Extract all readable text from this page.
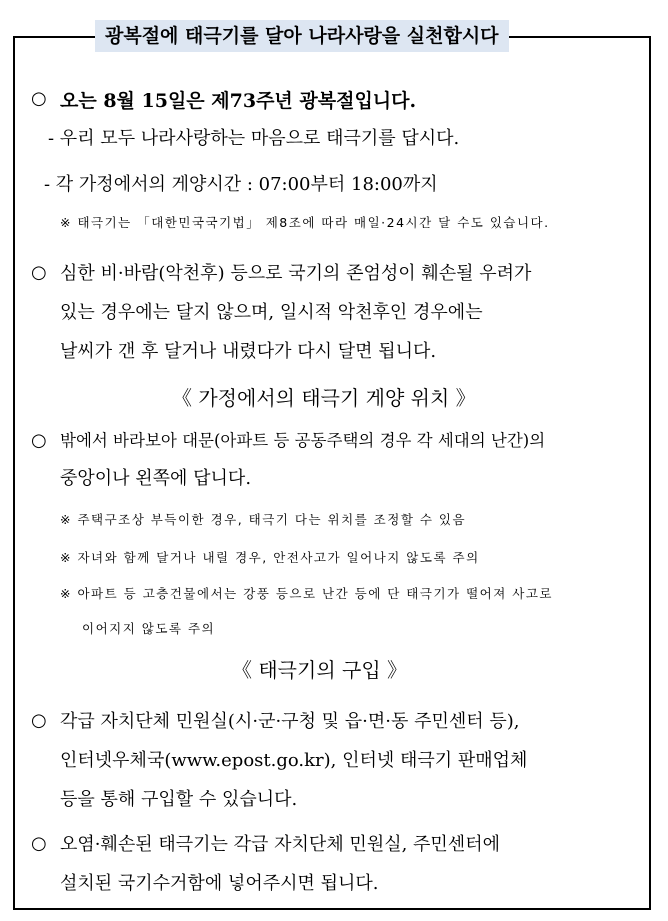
광복절에 태극기를 달아 나라사랑을 실천합시다
○ 오는 8월 15일은 제73주년 광복절입니다.
- 우리 모두 나라사랑하는 마음으로 태극기를 답시다.
- 각 가정에서의 게양시간 : 07:00부터 18:00까지
※ 태극기는 「대한민국국기법」 제8조에 따라 매일·24시간 달 수도 있습니다.
○ 심한 비·바람(악천후) 등으로 국기의 존엄성이 훼손될 우려가
있는 경우에는 달지 않으며, 일시적 악천후인 경우에는
날씨가 갠 후 달거나 내렸다가 다시 달면 됩니다.
《 가정에서의 태극기 게양 위치 》
○ 밖에서 바라보아 대문(아파트 등 공동주택의 경우 각 세대의 난간)의
중앙이나 왼쪽에 답니다.
※ 주택구조상 부득이한 경우, 태극기 다는 위치를 조정할 수 있음
※ 자녀와 함께 달거나 내릴 경우, 안전사고가 일어나지 않도록 주의
※ 아파트 등 고층건물에서는 강풍 등으로 난간 등에 단 태극기가 떨어져 사고로
이어지지 않도록 주의
《 태극기의 구입 》
○ 각급 자치단체 민원실(시·군·구청 및 읍·면·동 주민센터 등),
인터넷우체국(www.epost.go.kr), 인터넷 태극기 판매업체
등을 통해 구입할 수 있습니다.
○ 오염·훼손된 태극기는 각급 자치단체 민원실, 주민센터에
설치된 국기수거함에 넣어주시면 됩니다.
